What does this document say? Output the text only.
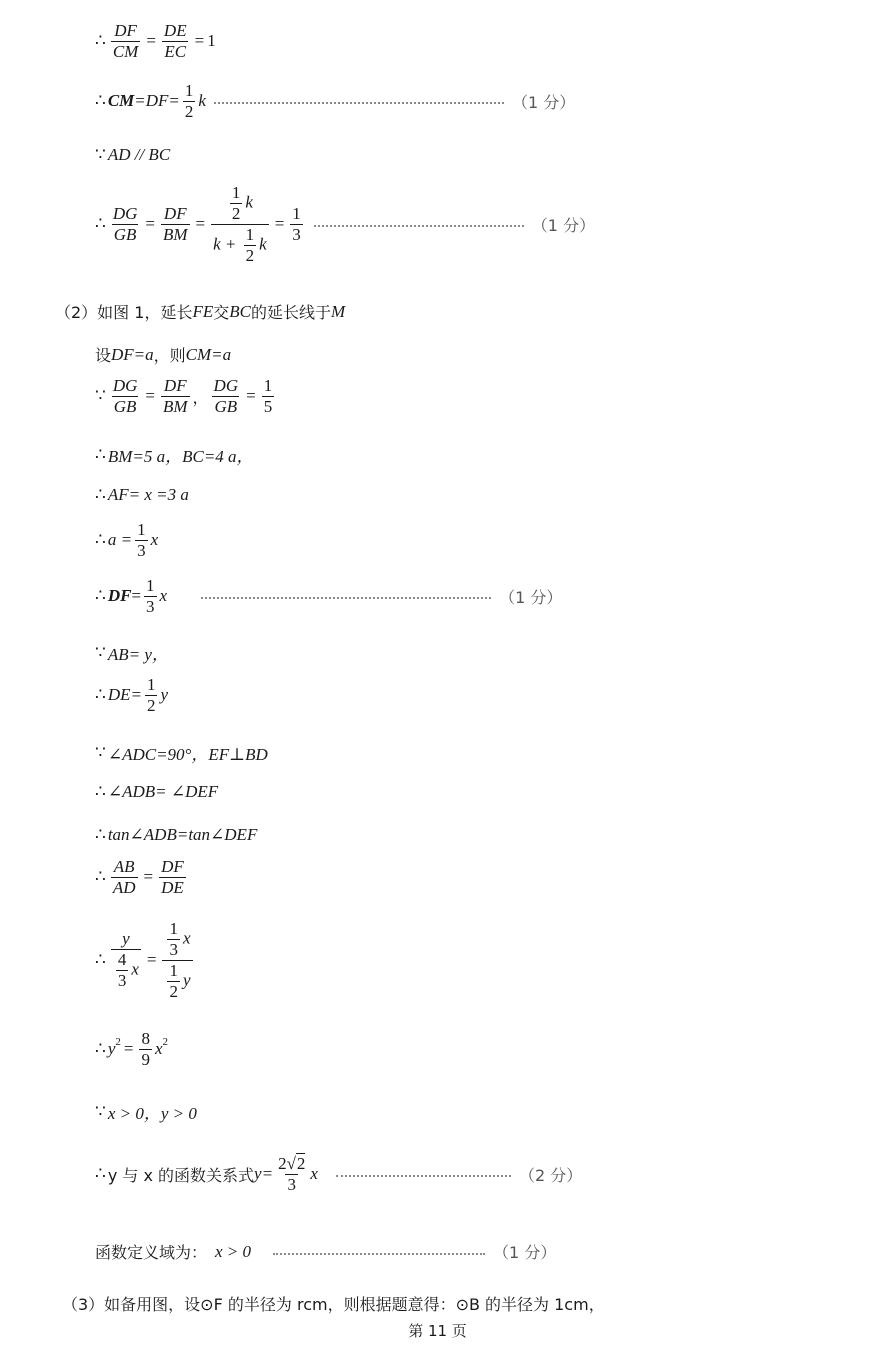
∴ $\frac{DF}{CM} = \frac{DE}{EC} = 1$
∴ CM $=DF= \frac{1}{2}$ k	（1 分）
∵ AD // BC
∴ $\frac{DG}{GB} = \frac{DF}{BM} = \frac{\frac{1}{2} k}{k + \frac{1}{2} k} = \frac{1}{3}$	（1 分）
（2）如图 1，延长 FE 交 BC 的延长线于 M
设 DF=a ，则 CM=a
∵ $\frac{DG}{GB} = \frac{DF}{BM}$ ， $\frac{DG}{GB} = \frac{1}{5}$
∴ BM=5 a，BC=4 a，
∴ AF= x =3 a
∴ $a = \frac{1}{3}$ x
∴ DF = $\frac{1}{3}$ x	（1 分）
∵ AB= y，
∴ $DE= \frac{1}{2}$ y
∵ ∠ADC=90°，EF⊥BD
∴ ∠ADB= ∠DEF
∴ tan∠ADB=tan∠DEF
∴ $\frac{AB}{AD} = \frac{DF}{DE}$
∴ $\frac{y}{\frac{4}{3} x} = \frac{\frac{1}{3} x}{\frac{1}{2} y}$
∴ y $2 = \frac{8}{9}$ x 2
∵ x > 0，y > 0
∴ y 与 x 的函数关系式 $y= \frac{2√2}{3}$ x	（2 分）
函数定义域为： x > 0	（1 分）
（3）如备用图，设⊙F 的半径为 rcm，则根据题意得：⊙B 的半径为 1cm，
第 11 页
